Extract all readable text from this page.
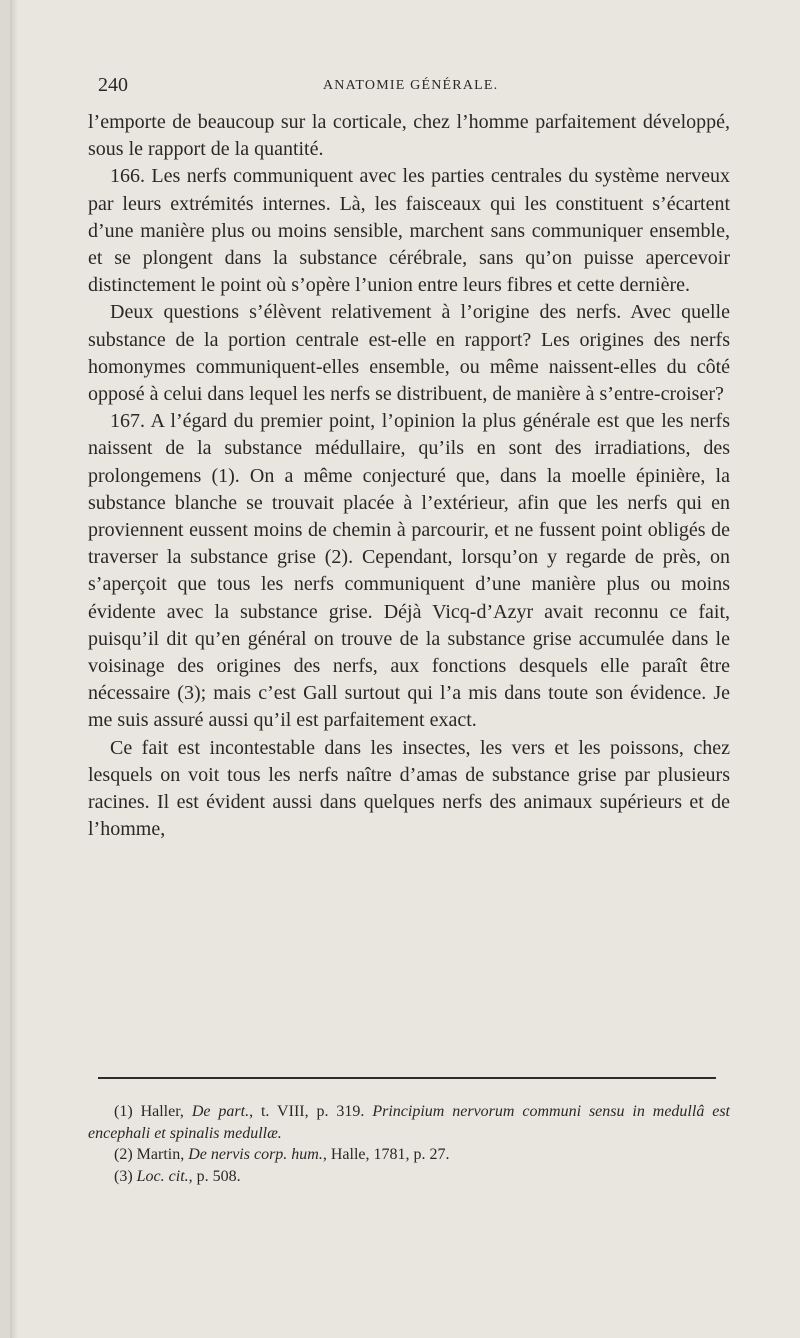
240	ANATOMIE GÉNÉRALE.

l’emporte de beaucoup sur la corticale, chez l’homme parfaitement développé, sous le rapport de la quantité.

166. Les nerfs communiquent avec les parties centrales du système nerveux par leurs extrémités internes. Là, les faisceaux qui les constituent s’écartent d’une manière plus ou moins sensible, marchent sans communiquer ensemble, et se plongent dans la substance cérébrale, sans qu’on puisse apercevoir distinctement le point où s’opère l’union entre leurs fibres et cette dernière.

Deux questions s’élèvent relativement à l’origine des nerfs. Avec quelle substance de la portion centrale est-elle en rapport? Les origines des nerfs homonymes communiquent-elles ensemble, ou même naissent-elles du côté opposé à celui dans lequel les nerfs se distribuent, de manière à s’entre-croiser?

167. A l’égard du premier point, l’opinion la plus générale est que les nerfs naissent de la substance médullaire, qu’ils en sont des irradiations, des prolongemens (1). On a même conjecturé que, dans la moelle épinière, la substance blanche se trouvait placée à l’extérieur, afin que les nerfs qui en proviennent eussent moins de chemin à parcourir, et ne fussent point obligés de traverser la substance grise (2). Cependant, lorsqu’on y regarde de près, on s’aperçoit que tous les nerfs communiquent d’une manière plus ou moins évidente avec la substance grise. Déjà Vicq-d’Azyr avait reconnu ce fait, puisqu’il dit qu’en général on trouve de la substance grise accumulée dans le voisinage des origines des nerfs, aux fonctions desquels elle paraît être nécessaire (3); mais c’est Gall surtout qui l’a mis dans toute son évidence. Je me suis assuré aussi qu’il est parfaitement exact.

Ce fait est incontestable dans les insectes, les vers et les poissons, chez lesquels on voit tous les nerfs naître d’amas de substance grise par plusieurs racines. Il est évident aussi dans quelques nerfs des animaux supérieurs et de l’homme,

(1) Haller, De part., t. VIII, p. 319. Principium nervorum communi sensu in medullâ est encephali et spinalis medullæ.

(2) Martin, De nervis corp. hum., Halle, 1781, p. 27.

(3) Loc. cit., p. 508.
